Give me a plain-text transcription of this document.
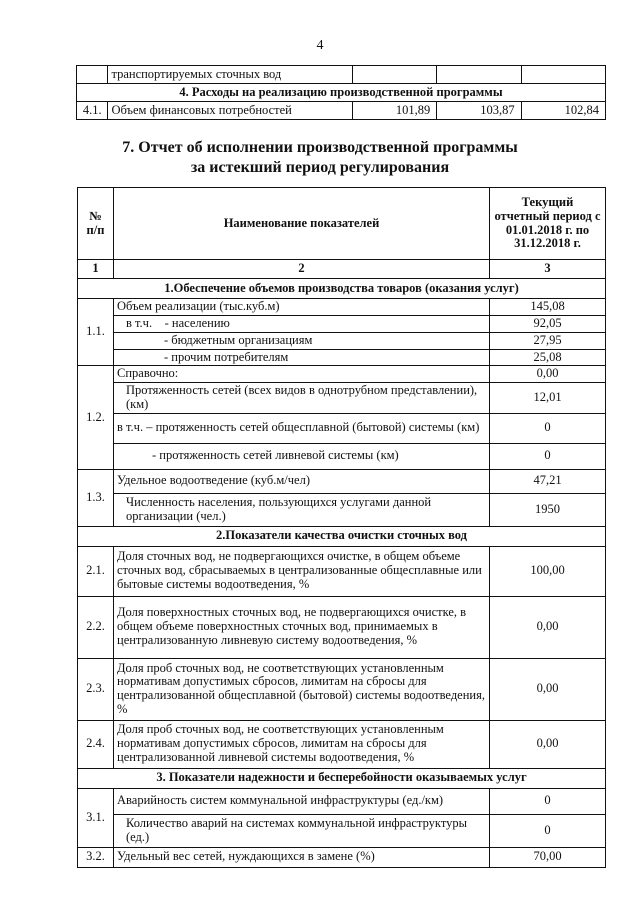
4
	транспортируемых сточных вод			
4. Расходы на реализацию производственной программы				
4.1.	Объем финансовых потребностей	101,89	103,87	102,84
7. Отчет об исполнении производственной программы
за истекший период регулирования
№
п/п	Наименование показателей	Текущий отчетный период с 01.01.2018 г. по 31.12.2018 г.
1	2	3
1.Обеспечение объемов производства товаров (оказания услуг)		
1.1.	Объем реализации (тыс.куб.м)	145,08
	в т.ч. - населению	92,05
	- бюджетным организациям	27,95
	- прочим потребителям	25,08
1.2.	Справочно:	0,00
	Протяженность сетей (всех видов в однотрубном представлении), (км)	12,01
	в т.ч. – протяженность сетей общесплавной (бытовой) системы (км)	0
	- протяженность сетей ливневой системы (км)	0
1.3.	Удельное водоотведение (куб.м/чел)	47,21
	Численность населения, пользующихся услугами данной организации (чел.)	1950
2.Показатели качества очистки сточных вод		
2.1.	Доля сточных вод, не подвергающихся очистке, в общем объеме сточных вод, сбрасываемых в централизованные общесплавные или бытовые системы водоотведения, %	100,00
2.2.	Доля поверхностных сточных вод, не подвергающихся очистке, в общем объеме поверхностных сточных вод, принимаемых в централизованную ливневую систему водоотведения, %	0,00
2.3.	Доля проб сточных вод, не соответствующих установленным нормативам допустимых сбросов, лимитам на сбросы для централизованной общесплавной (бытовой) системы водоотведения, %	0,00
2.4.	Доля проб сточных вод, не соответствующих установленным нормативам допустимых сбросов, лимитам на сбросы для централизованной ливневой системы водоотведения, %	0,00
3. Показатели надежности и бесперебойности оказываемых услуг		
3.1.	Аварийность систем коммунальной инфраструктуры (ед./км)	0
	Количество аварий на системах коммунальной инфраструктуры (ед.)	0
3.2.	Удельный вес сетей, нуждающихся в замене (%)	70,00
